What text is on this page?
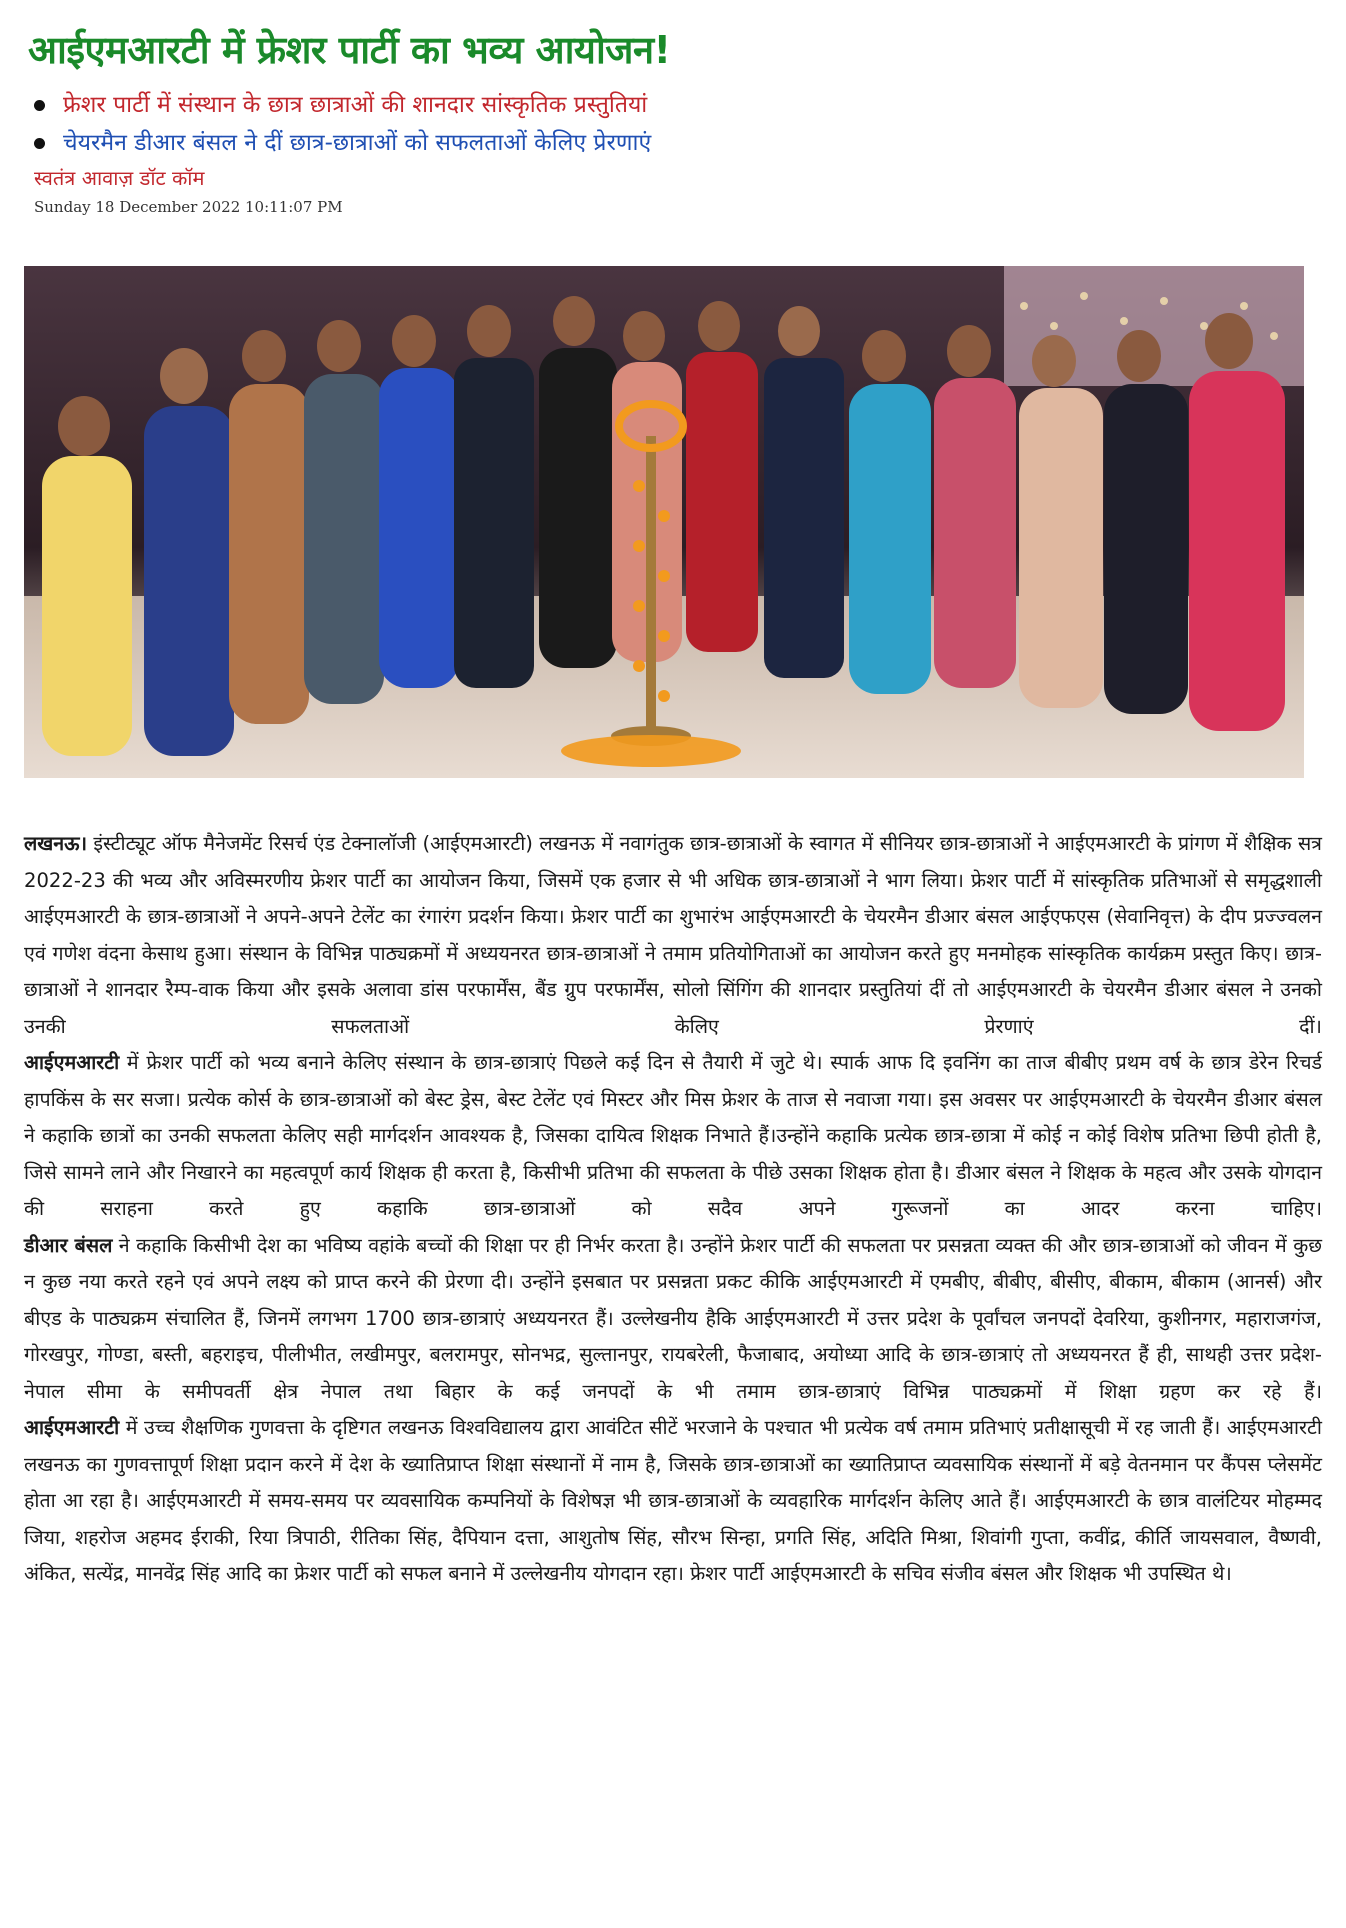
आईएमआरटी में फ्रेशर पार्टी का भव्य आयोजन!
फ्रेशर पार्टी में संस्थान के छात्र छात्राओं की शानदार सांस्कृतिक प्रस्तुतियां
चेयरमैन डीआर बंसल ने दीं छात्र-छात्राओं को सफलताओं केलिए प्रेरणाएं
स्वतंत्र आवाज़ डॉट कॉम
Sunday 18 December 2022 10:11:07 PM

लखनऊ। इंस्टीट्यूट ऑफ मैनेजमेंट रिसर्च एंड टेक्नालॉजी (आईएमआरटी) लखनऊ में नवागंतुक छात्र-छात्राओं के स्वागत में सीनियर छात्र-छात्राओं ने आईएमआरटी के प्रांगण में शैक्षिक सत्र 2022-23 की भव्य और अविस्मरणीय फ्रेशर पार्टी का आयोजन किया, जिसमें एक हजार से भी अधिक छात्र-छात्राओं ने भाग लिया। फ्रेशर पार्टी में सांस्कृतिक प्रतिभाओं से समृद्धशाली आईएमआरटी के छात्र-छात्राओं ने अपने-अपने टेलेंट का रंगारंग प्रदर्शन किया। फ्रेशर पार्टी का शुभारंभ आईएमआरटी के चेयरमैन डीआर बंसल आईएफएस (सेवानिवृत्त) के दीप प्रज्ज्वलन एवं गणेश वंदना केसाथ हुआ। संस्थान के विभिन्न पाठ्यक्रमों में अध्ययनरत छात्र-छात्राओं ने तमाम प्रतियोगिताओं का आयोजन करते हुए मनमोहक सांस्कृतिक कार्यक्रम प्रस्तुत किए। छात्र-छात्राओं ने शानदार रैम्प-वाक किया और इसके अलावा डांस परफार्मेंस, बैंड ग्रुप परफार्मेंस, सोलो सिंगिंग की शानदार प्रस्तुतियां दीं तो आईएमआरटी के चेयरमैन डीआर बंसल ने उनको उनकी सफलताओं केलिए प्रेरणाएं दीं।

आईएमआरटी में फ्रेशर पार्टी को भव्य बनाने केलिए संस्थान के छात्र-छात्राएं पिछले कई दिन से तैयारी में जुटे थे। स्पार्क आफ दि इवनिंग का ताज बीबीए प्रथम वर्ष के छात्र डेरेन रिचर्ड हापकिंस के सर सजा। प्रत्येक कोर्स के छात्र-छात्राओं को बेस्ट ड्रेस, बेस्ट टेलेंट एवं मिस्टर और मिस फ्रेशर के ताज से नवाजा गया। इस अवसर पर आईएमआरटी के चेयरमैन डीआर बंसल ने कहाकि छात्रों का उनकी सफलता केलिए सही मार्गदर्शन आवश्यक है, जिसका दायित्व शिक्षक निभाते हैं।उन्होंने कहाकि प्रत्येक छात्र-छात्रा में कोई न कोई विशेष प्रतिभा छिपी होती है, जिसे सामने लाने और निखारने का महत्वपूर्ण कार्य शिक्षक ही करता है, किसीभी प्रतिभा की सफलता के पीछे उसका शिक्षक होता है। डीआर बंसल ने शिक्षक के महत्व और उसके योगदान की सराहना करते हुए कहाकि छात्र-छात्राओं को सदैव अपने गुरूजनों का आदर करना चाहिए।

डीआर बंसल ने कहाकि किसीभी देश का भविष्य वहांके बच्चों की शिक्षा पर ही निर्भर करता है। उन्होंने फ्रेशर पार्टी की सफलता पर प्रसन्नता व्यक्त की और छात्र-छात्राओं को जीवन में कुछ न कुछ नया करते रहने एवं अपने लक्ष्य को प्राप्त करने की प्रेरणा दी। उन्होंने इसबात पर प्रसन्नता प्रकट कीकि आईएमआरटी में एमबीए, बीबीए, बीसीए, बीकाम, बीकाम (आनर्स) और बीएड के पाठ्यक्रम संचालित हैं, जिनमें लगभग 1700 छात्र-छात्राएं अध्ययनरत हैं। उल्लेखनीय हैकि आईएमआरटी में उत्तर प्रदेश के पूर्वांचल जनपदों देवरिया, कुशीनगर, महाराजगंज, गोरखपुर, गोण्डा, बस्ती, बहराइच, पीलीभीत, लखीमपुर, बलरामपुर, सोनभद्र, सुल्तानपुर, रायबरेली, फैजाबाद, अयोध्या आदि के छात्र-छात्राएं तो अध्ययनरत हैं ही, साथही उत्तर प्रदेश-नेपाल सीमा के समीपवर्ती क्षेत्र नेपाल तथा बिहार के कई जनपदों के भी तमाम छात्र-छात्राएं विभिन्न पाठ्यक्रमों में शिक्षा ग्रहण कर रहे हैं।

आईएमआरटी में उच्च शैक्षणिक गुणवत्ता के दृष्टिगत लखनऊ विश्वविद्यालय द्वारा आवंटित सीटें भरजाने के पश्चात भी प्रत्येक वर्ष तमाम प्रतिभाएं प्रतीक्षासूची में रह जाती हैं। आईएमआरटी लखनऊ का गुणवत्तापूर्ण शिक्षा प्रदान करने में देश के ख्यातिप्राप्त शिक्षा संस्थानों में नाम है, जिसके छात्र-छात्राओं का ख्यातिप्राप्त व्यवसायिक संस्थानों में बड़े वेतनमान पर कैंपस प्लेसमेंट होता आ रहा है। आईएमआरटी में समय-समय पर व्यवसायिक कम्पनियों के विशेषज्ञ भी छात्र-छात्राओं के व्यवहारिक मार्गदर्शन केलिए आते हैं। आईएमआरटी के छात्र वालंटियर मोहम्मद जिया, शहरोज अहमद ईराकी, रिया त्रिपाठी, रीतिका सिंह, दैपियान दत्ता, आशुतोष सिंह, सौरभ सिन्हा, प्रगति सिंह, अदिति मिश्रा, शिवांगी गुप्ता, कवींद्र, कीर्ति जायसवाल, वैष्णवी, अंकित, सत्येंद्र, मानवेंद्र सिंह आदि का फ्रेशर पार्टी को सफल बनाने में उल्लेखनीय योगदान रहा। फ्रेशर पार्टी आईएमआरटी के सचिव संजीव बंसल और शिक्षक भी उपस्थित थे।
